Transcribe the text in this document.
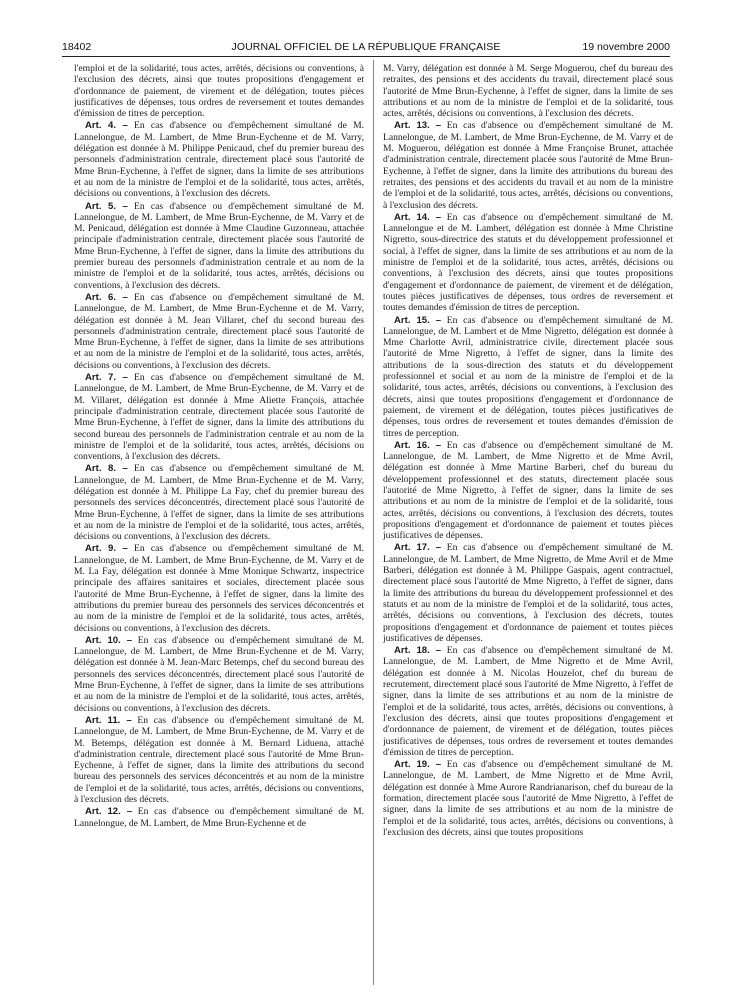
18402	JOURNAL OFFICIEL DE LA RÉPUBLIQUE FRANÇAISE	19 novembre 2000

l'emploi et de la solidarité, tous actes, arrêtés, décisions ou conventions, à l'exclusion des décrets, ainsi que toutes propositions d'engagement et d'ordonnance de paiement, de virement et de délégation, toutes pièces justificatives de dépenses, tous ordres de reversement et toutes demandes d'émission de titres de perception.

Art. 4. – En cas d'absence ou d'empêchement simultané de M. Lannelongue, de M. Lambert, de Mme Brun-Eychenne et de M. Varry, délégation est donnée à M. Philippe Penicaud, chef du premier bureau des personnels d'administration centrale, directement placé sous l'autorité de Mme Brun-Eychenne, à l'effet de signer, dans la limite de ses attributions et au nom de la ministre de l'emploi et de la solidarité, tous actes, arrêtés, décisions ou conventions, à l'exclusion des décrets.

Art. 5. – En cas d'absence ou d'empêchement simultané de M. Lannelongue, de M. Lambert, de Mme Brun-Eychenne, de M. Varry et de M. Penicaud, délégation est donnée à Mme Claudine Guzonneau, attachée principale d'administration centrale, directement placée sous l'autorité de Mme Brun-Eychenne, à l'effet de signer, dans la limite des attributions du premier bureau des personnels d'administration centrale et au nom de la ministre de l'emploi et de la solidarité, tous actes, arrêtés, décisions ou conventions, à l'exclusion des décrets.

Art. 6. – En cas d'absence ou d'empêchement simultané de M. Lannelongue, de M. Lambert, de Mme Brun-Eychenne et de M. Varry, délégation est donnée à M. Jean Villaret, chef du second bureau des personnels d'administration centrale, directement placé sous l'autorité de Mme Brun-Eychenne, à l'effet de signer, dans la limite de ses attributions et au nom de la ministre de l'emploi et de la solidarité, tous actes, arrêtés, décisions ou conventions, à l'exclusion des décrets.

Art. 7. – En cas d'absence ou d'empêchement simultané de M. Lannelongue, de M. Lambert, de Mme Brun-Eychenne, de M. Varry et de M. Villaret, délégation est donnée à Mme Aliette François, attachée principale d'administration centrale, directement placée sous l'autorité de Mme Brun-Eychenne, à l'effet de signer, dans la limite des attributions du second bureau des personnels de l'administration centrale et au nom de la ministre de l'emploi et de la solidarité, tous actes, arrêtés, décisions ou conventions, à l'exclusion des décrets.

Art. 8. – En cas d'absence ou d'empêchement simultané de M. Lannelongue, de M. Lambert, de Mme Brun-Eychenne et de M. Varry, délégation est donnée à M. Philippe La Fay, chef du premier bureau des personnels des services déconcentrés, directement placé sous l'autorité de Mme Brun-Eychenne, à l'effet de signer, dans la limite de ses attributions et au nom de la ministre de l'emploi et de la solidarité, tous actes, arrêtés, décisions ou conventions, à l'exclusion des décrets.

Art. 9. – En cas d'absence ou d'empêchement simultané de M. Lannelongue, de M. Lambert, de Mme Brun-Eychenne, de M. Varry et de M. La Fay, délégation est donnée à Mme Monique Schwartz, inspectrice principale des affaires sanitaires et sociales, directement placée sous l'autorité de Mme Brun-Eychenne, à l'effet de signer, dans la limite des attributions du premier bureau des personnels des services déconcentrés et au nom de la ministre de l'emploi et de la solidarité, tous actes, arrêtés, décisions ou conventions, à l'exclusion des décrets.

Art. 10. – En cas d'absence ou d'empêchement simultané de M. Lannelongue, de M. Lambert, de Mme Brun-Eychenne et de M. Varry, délégation est donnée à M. Jean-Marc Betemps, chef du second bureau des personnels des services déconcentrés, directement placé sous l'autorité de Mme Brun-Eychenne, à l'effet de signer, dans la limite de ses attributions et au nom de la ministre de l'emploi et de la solidarité, tous actes, arrêtés, décisions ou conventions, à l'exclusion des décrets.

Art. 11. – En cas d'absence ou d'empêchement simultané de M. Lannelongue, de M. Lambert, de Mme Brun-Eychenne, de M. Varry et de M. Betemps, délégation est donnée à M. Bernard Liduena, attaché d'administration centrale, directement placé sous l'autorité de Mme Brun-Eychenne, à l'effet de signer, dans la limite des attributions du second bureau des personnels des services déconcentrés et au nom de la ministre de l'emploi et de la solidarité, tous actes, arrêtés, décisions ou conventions, à l'exclusion des décrets.

Art. 12. – En cas d'absence ou d'empêchement simultané de M. Lannelongue, de M. Lambert, de Mme Brun-Eychenne et de

M. Varry, délégation est donnée à M. Serge Moguerou, chef du bureau des retraites, des pensions et des accidents du travail, directement placé sous l'autorité de Mme Brun-Eychenne, à l'effet de signer, dans la limite de ses attributions et au nom de la ministre de l'emploi et de la solidarité, tous actes, arrêtés, décisions ou conventions, à l'exclusion des décrets.

Art. 13. – En cas d'absence ou d'empêchement simultané de M. Lannelongue, de M. Lambert, de Mme Brun-Eychenne, de M. Varry et de M. Moguerou, délégation est donnée à Mme Françoise Brunet, attachée d'administration centrale, directement placée sous l'autorité de Mme Brun-Eychenne, à l'effet de signer, dans la limite des attributions du bureau des retraites, des pensions et des accidents du travail et au nom de la ministre de l'emploi et de la solidarité, tous actes, arrêtés, décisions ou conventions, à l'exclusion des décrets.

Art. 14. – En cas d'absence ou d'empêchement simultané de M. Lannelongue et de M. Lambert, délégation est donnée à Mme Christine Nigretto, sous-directrice des statuts et du développement professionnel et social, à l'effet de signer, dans la limite de ses attributions et au nom de la ministre de l'emploi et de la solidarité, tous actes, arrêtés, décisions ou conventions, à l'exclusion des décrets, ainsi que toutes propositions d'engagement et d'ordonnance de paiement, de virement et de délégation, toutes pièces justificatives de dépenses, tous ordres de reversement et toutes demandes d'émission de titres de perception.

Art. 15. – En cas d'absence ou d'empêchement simultané de M. Lannelongue, de M. Lambert et de Mme Nigretto, délégation est donnée à Mme Charlotte Avril, administratrice civile, directement placée sous l'autorité de Mme Nigretto, à l'effet de signer, dans la limite des attributions de la sous-direction des statuts et du développement professionnel et social et au nom de la ministre de l'emploi et de la solidarité, tous actes, arrêtés, décisions ou conventions, à l'exclusion des décrets, ainsi que toutes propositions d'engagement et d'ordonnance de paiement, de virement et de délégation, toutes pièces justificatives de dépenses, tous ordres de reversement et toutes demandes d'émission de titres de perception.

Art. 16. – En cas d'absence ou d'empêchement simultané de M. Lannelongue, de M. Lambert, de Mme Nigretto et de Mme Avril, délégation est donnée à Mme Martine Barberi, chef du bureau du développement professionnel et des statuts, directement placée sous l'autorité de Mme Nigretto, à l'effet de signer, dans la limite de ses attributions et au nom de la ministre de l'emploi et de la solidarité, tous actes, arrêtés, décisions ou conventions, à l'exclusion des décrets, toutes propositions d'engagement et d'ordonnance de paiement et toutes pièces justificatives de dépenses.

Art. 17. – En cas d'absence ou d'empêchement simultané de M. Lannelongue, de M. Lambert, de Mme Nigretto, de Mme Avril et de Mme Barberi, délégation est donnée à M. Philippe Gaspais, agent contractuel, directement placé sous l'autorité de Mme Nigretto, à l'effet de signer, dans la limite des attributions du bureau du développement professionnel et des statuts et au nom de la ministre de l'emploi et de la solidarité, tous actes, arrêtés, décisions ou conventions, à l'exclusion des décrets, toutes propositions d'engagement et d'ordonnance de paiement et toutes pièces justificatives de dépenses.

Art. 18. – En cas d'absence ou d'empêchement simultané de M. Lannelongue, de M. Lambert, de Mme Nigretto et de Mme Avril, délégation est donnée à M. Nicolas Houzelot, chef du bureau de recrutement, directement placé sous l'autorité de Mme Nigretto, à l'effet de signer, dans la limite de ses attributions et au nom de la ministre de l'emploi et de la solidarité, tous actes, arrêtés, décisions ou conventions, à l'exclusion des décrets, ainsi que toutes propositions d'engagement et d'ordonnance de paiement, de virement et de délégation, toutes pièces justificatives de dépenses, tous ordres de reversement et toutes demandes d'émission de titres de perception.

Art. 19. – En cas d'absence ou d'empêchement simultané de M. Lannelongue, de M. Lambert, de Mme Nigretto et de Mme Avril, délégation est donnée à Mme Aurore Randrianarison, chef du bureau de la formation, directement placée sous l'autorité de Mme Nigretto, à l'effet de signer, dans la limite de ses attributions et au nom de la ministre de l'emploi et de la solidarité, tous actes, arrêtés, décisions ou conventions, à l'exclusion des décrets, ainsi que toutes propositions
